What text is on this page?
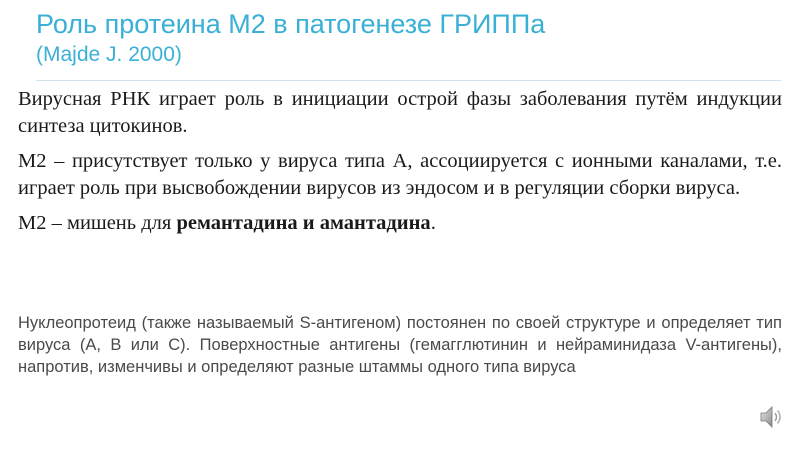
Роль протеина М2 в патогенезе ГРИППа
(Majde J. 2000)

Вирусная РНК играет роль в инициации острой фазы заболевания путём индукции синтеза цитокинов.

М2 – присутствует только у вируса типа А, ассоциируется с ионными каналами, т.е. играет роль при высвобождении вирусов из эндосом и в регуляции сборки вируса.

М2 – мишень для ремантадина и амантадина.

Нуклеопротеид (также называемый S-антигеном) постоянен по своей структуре и определяет тип вируса (А, В или С). Поверхностные антигены (гемагглютинин и нейраминидаза V-антигены), напротив, изменчивы и определяют разные штаммы одного типа вируса
